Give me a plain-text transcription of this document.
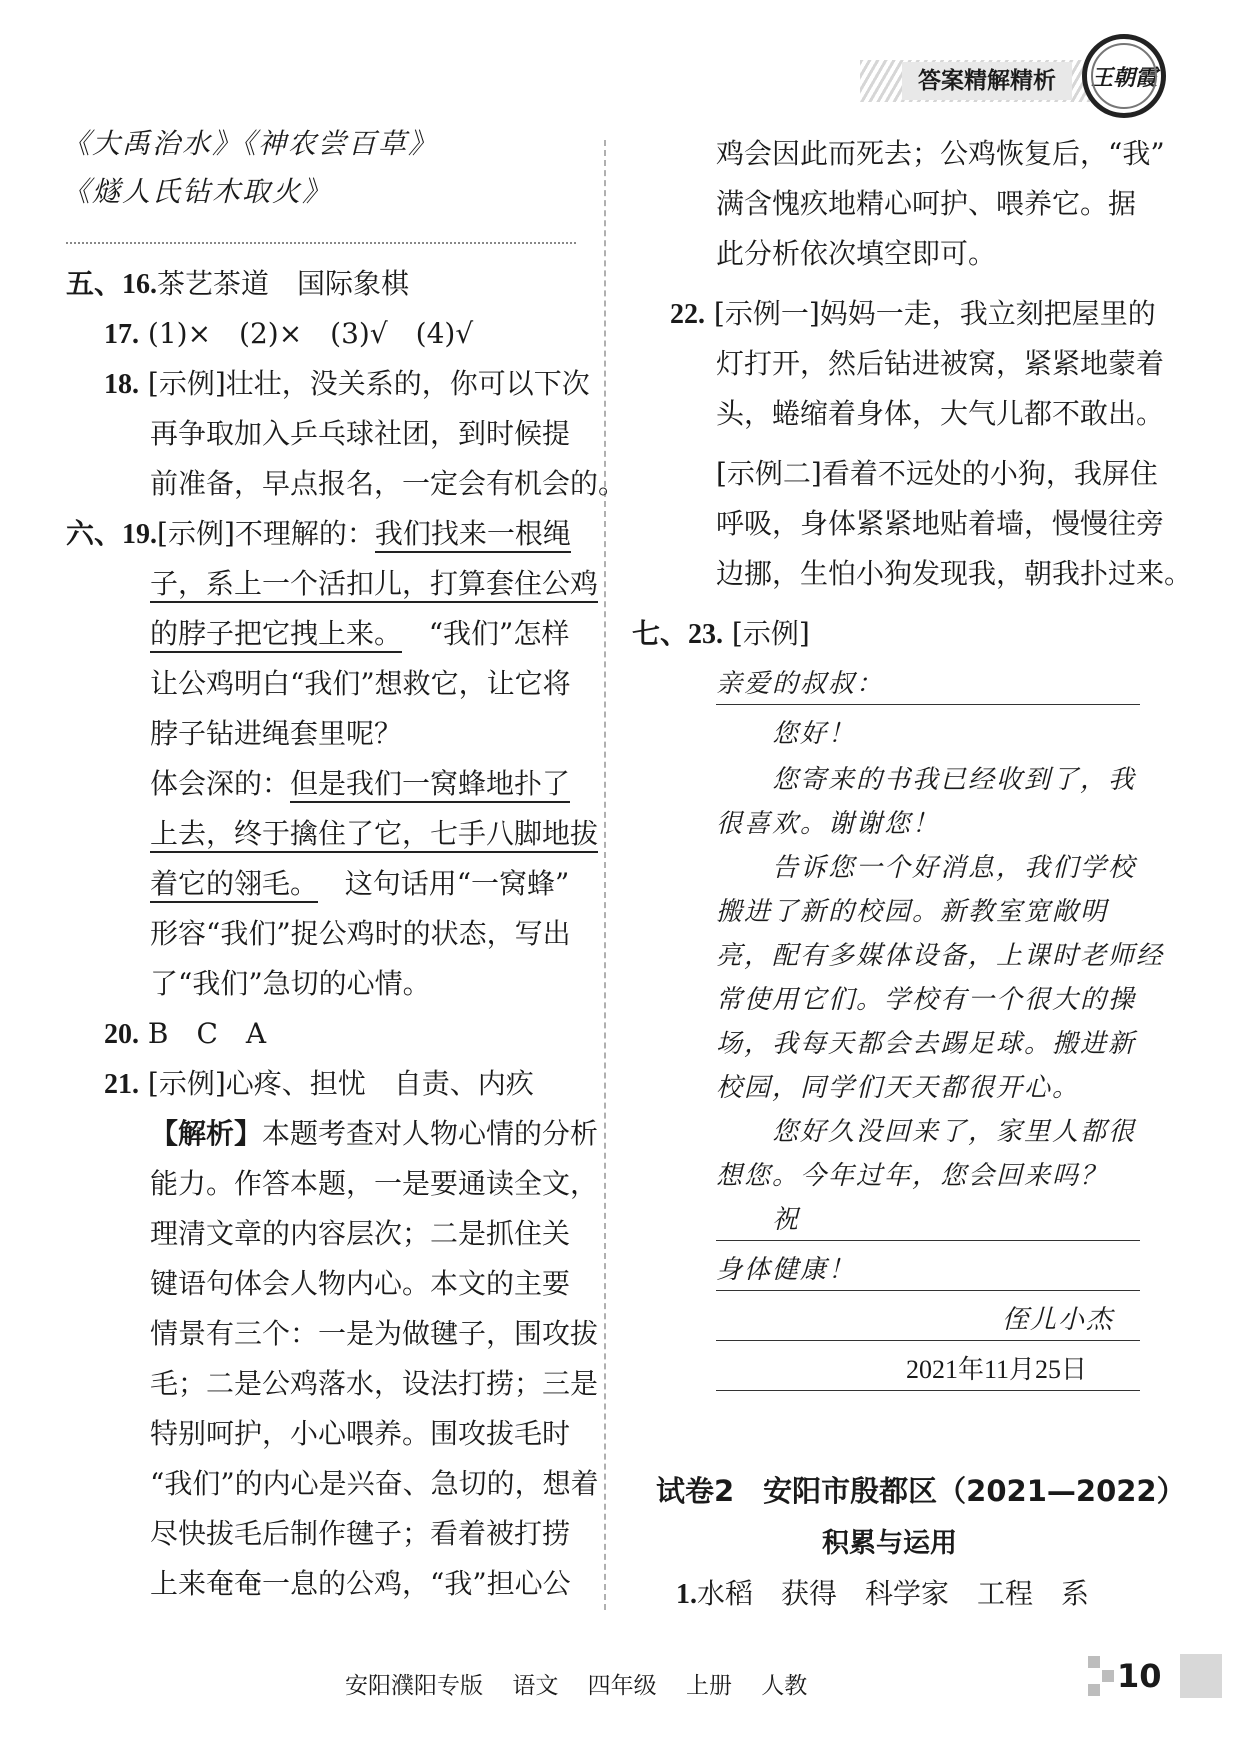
答案精解精析	王朝霞
《大禹治水》《神农尝百草》
《燧人氏钻木取火》
五、16.茶艺茶道　国际象棋
17. (1)×　(2)×　(3)√　(4)√
18. [示例]壮壮，没关系的，你可以下次
再争取加入乒乓球社团，到时候提
前准备，早点报名，一定会有机会的。
六、19.[示例]不理解的：我们找来一根绳
子，系上一个活扣儿，打算套住公鸡
的脖子把它拽上来。 “我们”怎样
让公鸡明白“我们”想救它，让它将
脖子钻进绳套里呢？
体会深的：但是我们一窝蜂地扑了
上去，终于擒住了它，七手八脚地拔
着它的翎毛。 这句话用“一窝蜂”
形容“我们”捉公鸡时的状态，写出
了“我们”急切的心情。
20. B　C　A
21. [示例]心疼、担忧　自责、内疚
【解析】本题考查对人物心情的分析
能力。作答本题，一是要通读全文，
理清文章的内容层次；二是抓住关
键语句体会人物内心。本文的主要
情景有三个：一是为做毽子，围攻拔
毛；二是公鸡落水，设法打捞；三是
特别呵护，小心喂养。围攻拔毛时
“我们”的内心是兴奋、急切的，想着
尽快拔毛后制作毽子；看着被打捞
上来奄奄一息的公鸡，“我”担心公
鸡会因此而死去；公鸡恢复后，“我”
满含愧疚地精心呵护、喂养它。据
此分析依次填空即可。
22. [示例一]妈妈一走，我立刻把屋里的
灯打开，然后钻进被窝，紧紧地蒙着
头，蜷缩着身体，大气儿都不敢出。
[示例二]看着不远处的小狗，我屏住
呼吸，身体紧紧地贴着墙，慢慢往旁
边挪，生怕小狗发现我，朝我扑过来。
七、23. [示例]
亲爱的叔叔：
您好！
您寄来的书我已经收到了，我
很喜欢。谢谢您！
告诉您一个好消息，我们学校
搬进了新的校园。新教室宽敞明
亮，配有多媒体设备，上课时老师经
常使用它们。学校有一个很大的操
场，我每天都会去踢足球。搬进新
校园，同学们天天都很开心。
您好久没回来了，家里人都很
想您。今年过年，您会回来吗？
祝
身体健康！
侄儿小杰
2021年11月25日
试卷2　安阳市殷都区（2021—2022）
积累与运用
1.水稻　获得　科学家　工程　系
安阳濮阳专版 语文 四年级 上册 人教	10
